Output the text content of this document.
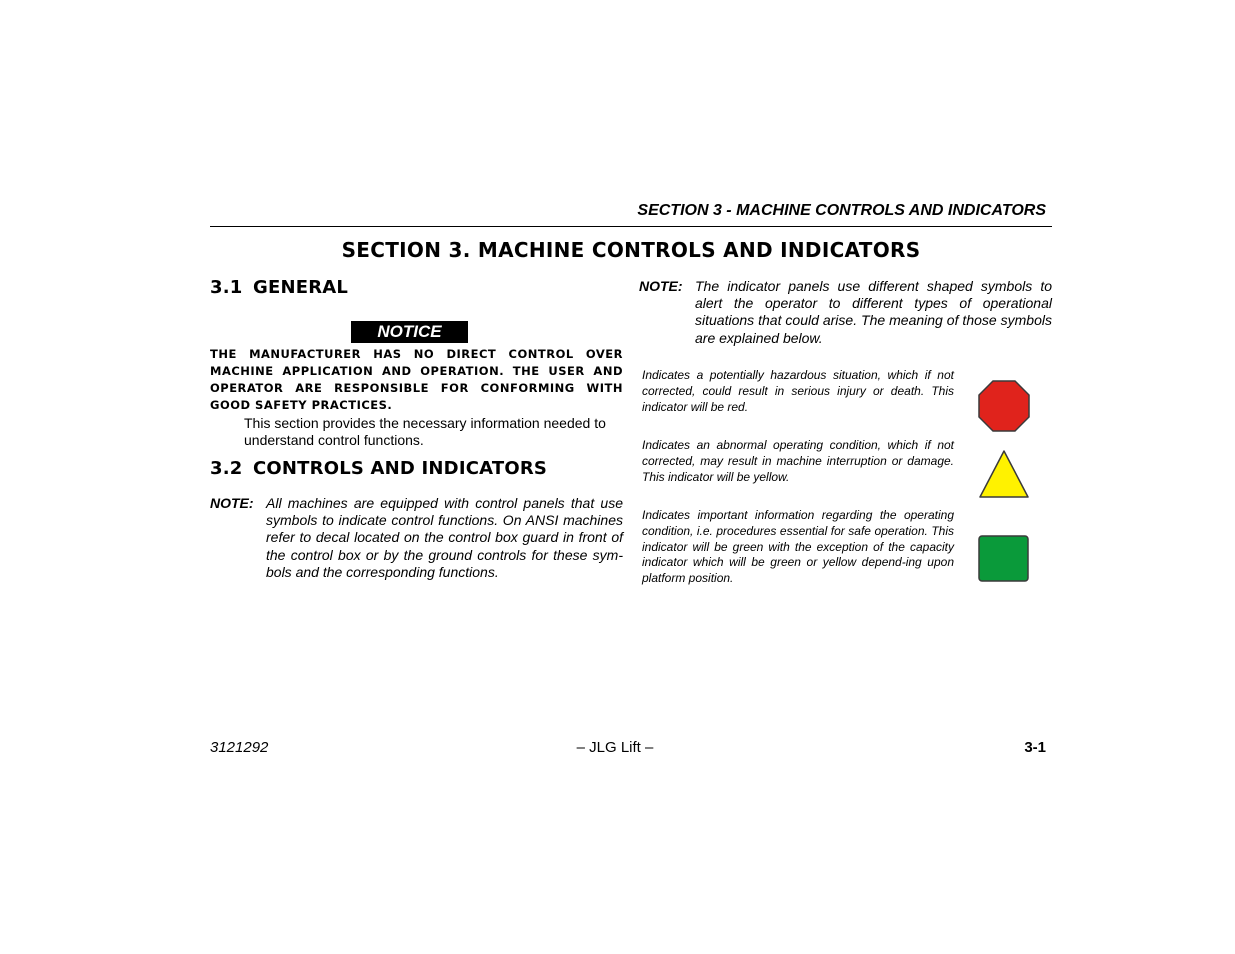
SECTION 3 - MACHINE CONTROLS AND INDICATORS
SECTION 3. MACHINE CONTROLS AND INDICATORS
3.1 GENERAL
NOTICE
THE MANUFACTURER HAS NO DIRECT CONTROL OVER MACHINE APPLICATION AND OPERATION. THE USER AND OPERATOR ARE RESPONSIBLE FOR CONFORMING WITH GOOD SAFETY PRACTICES.
This section provides the necessary information needed to understand control functions.
3.2 CONTROLS AND INDICATORS
NOTE: All machines are equipped with control panels that use symbols to indicate control functions. On ANSI machines refer to decal located on the control box guard in front of the control box or by the ground controls for these sym-bols and the corresponding functions.
NOTE: The indicator panels use different shaped symbols to alert the operator to different types of operational situations that could arise. The meaning of those symbols are explained below.
Indicates a potentially hazardous situation, which if not corrected, could result in serious injury or death. This indicator will be red.
Indicates an abnormal operating condition, which if not corrected, may result in machine interruption or damage. This indicator will be yellow.
Indicates important information regarding the operating condition, i.e. procedures essential for safe operation. This indicator will be green with the exception of the capacity indicator which will be green or yellow depend-ing upon platform position.
3121292	– JLG Lift –	3-1
